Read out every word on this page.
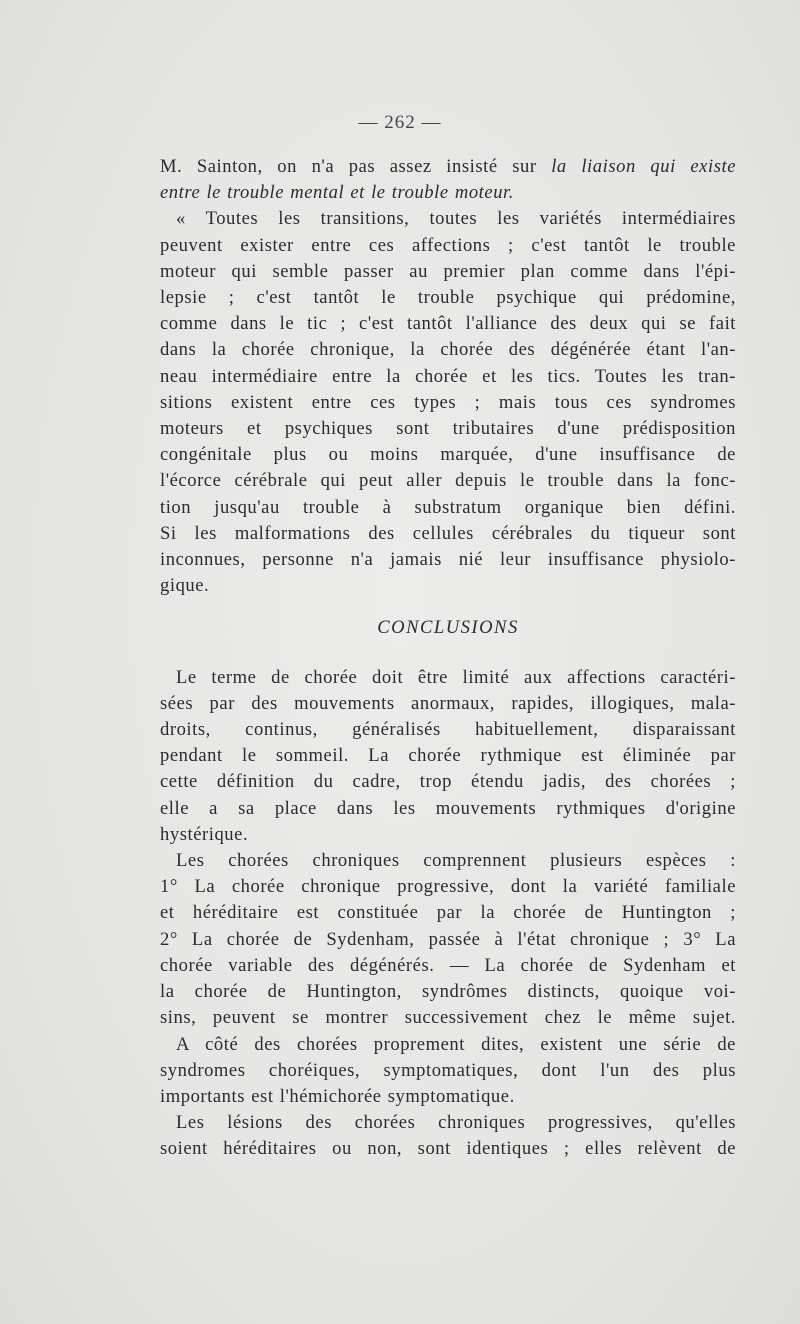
— 262 —

M. Sainton, on n'a pas assez insisté sur la liaison qui existe
entre le trouble mental et le trouble moteur.

« Toutes les transitions, toutes les variétés intermédiaires
peuvent exister entre ces affections ; c'est tantôt le trouble
moteur qui semble passer au premier plan comme dans l'épi-
lepsie ; c'est tantôt le trouble psychique qui prédomine,
comme dans le tic ; c'est tantôt l'alliance des deux qui se fait
dans la chorée chronique, la chorée des dégénérée étant l'an-
neau intermédiaire entre la chorée et les tics. Toutes les tran-
sitions existent entre ces types ; mais tous ces syndromes
moteurs et psychiques sont tributaires d'une prédisposition
congénitale plus ou moins marquée, d'une insuffisance de
l'écorce cérébrale qui peut aller depuis le trouble dans la fonc-
tion jusqu'au trouble à substratum organique bien défini.
Si les malformations des cellules cérébrales du tiqueur sont
inconnues, personne n'a jamais nié leur insuffisance physiolo-
gique.

CONCLUSIONS

Le terme de chorée doit être limité aux affections caractéri-
sées par des mouvements anormaux, rapides, illogiques, mala-
droits, continus, généralisés habituellement, disparaissant
pendant le sommeil. La chorée rythmique est éliminée par
cette définition du cadre, trop étendu jadis, des chorées ;
elle a sa place dans les mouvements rythmiques d'origine
hystérique.

Les chorées chroniques comprennent plusieurs espèces :
1° La chorée chronique progressive, dont la variété familiale
et héréditaire est constituée par la chorée de Huntington ;
2° La chorée de Sydenham, passée à l'état chronique ; 3° La
chorée variable des dégénérés. — La chorée de Sydenham et
la chorée de Huntington, syndrômes distincts, quoique voi-
sins, peuvent se montrer successivement chez le même sujet.

A côté des chorées proprement dites, existent une série de
syndromes choréiques, symptomatiques, dont l'un des plus
importants est l'hémichorée symptomatique.

Les lésions des chorées chroniques progressives, qu'elles
soient héréditaires ou non, sont identiques ; elles relèvent de
